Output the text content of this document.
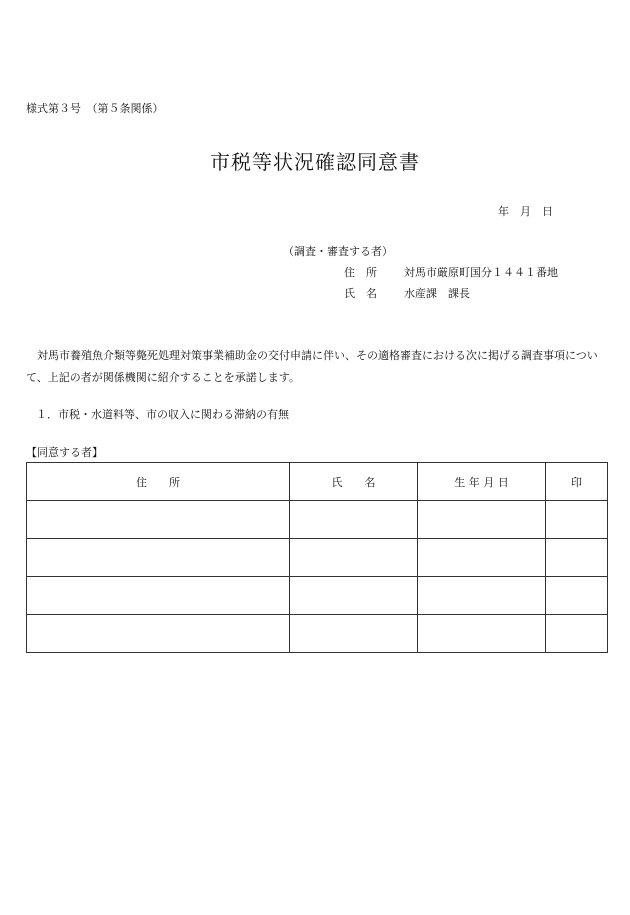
様式第３号　（第５条関係）
市税等状況確認同意書
年　月　日
（調査・審査する者）
住　所 対馬市厳原町国分１４４１番地
氏　名 水産課　課長
対馬市養殖魚介類等斃死処理対策事業補助金の交付申請に伴い、その適格審査における次に掲げる調査事項について、上記の者が関係機関に紹介することを承諾します。
１．市税・水道料等、市の収入に関わる滞納の有無
【同意する者】
住　　所	氏　　名	生 年 月 日	印
